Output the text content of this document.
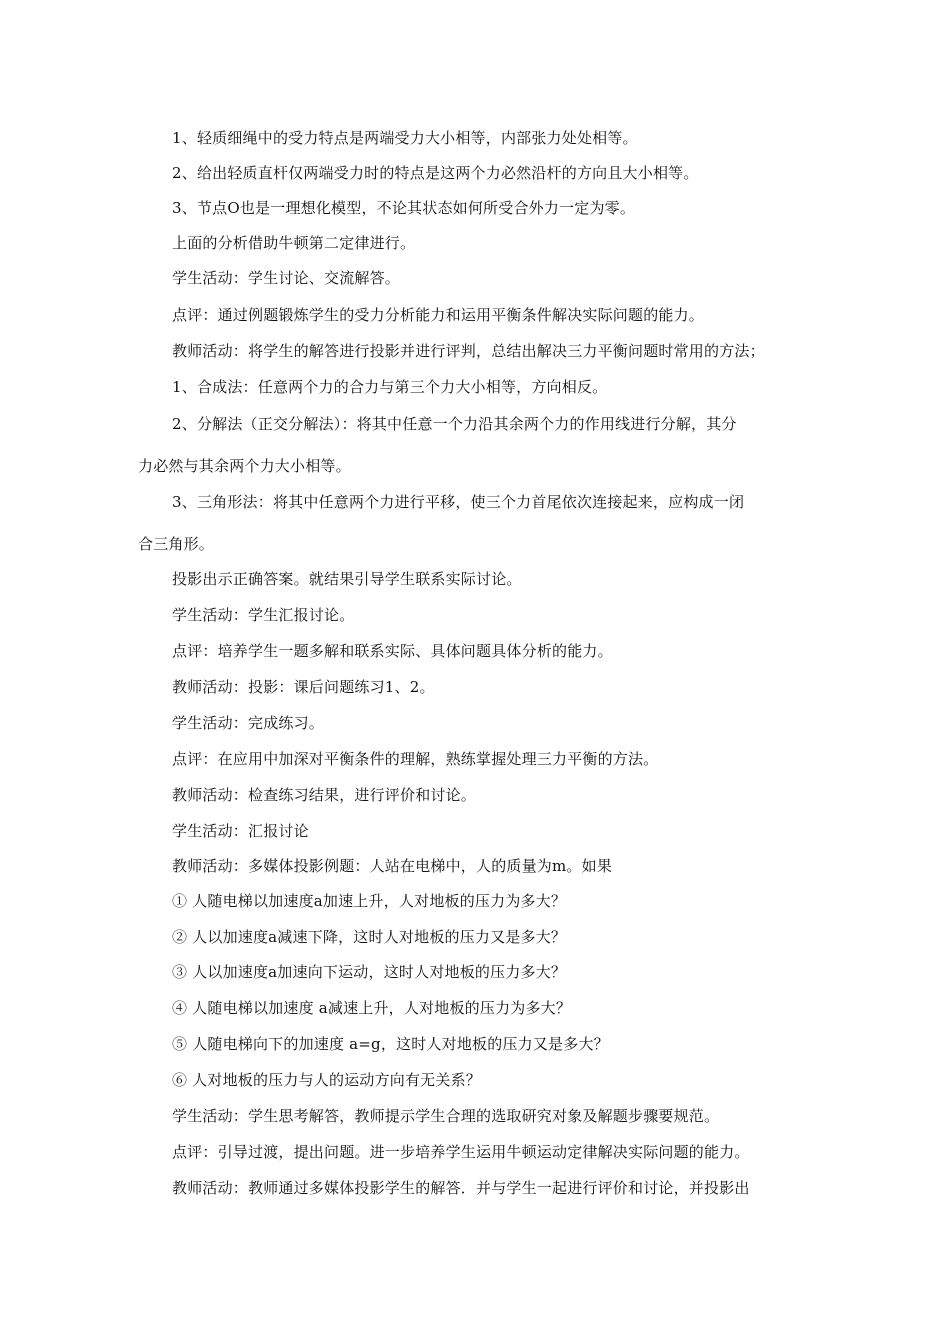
1、轻质细绳中的受力特点是两端受力大小相等，内部张力处处相等。
2、给出轻质直杆仅两端受力时的特点是这两个力必然沿杆的方向且大小相等。
3、节点O也是一理想化模型，不论其状态如何所受合外力一定为零。
上面的分析借助牛顿第二定律进行。
学生活动：学生讨论、交流解答。
点评：通过例题锻炼学生的受力分析能力和运用平衡条件解决实际问题的能力。
教师活动：将学生的解答进行投影并进行评判，总结出解决三力平衡问题时常用的方法；
1、合成法：任意两个力的合力与第三个力大小相等，方向相反。
2、分解法（正交分解法）：将其中任意一个力沿其余两个力的作用线进行分解，其分
力必然与其余两个力大小相等。
3、三角形法：将其中任意两个力进行平移，使三个力首尾依次连接起来，应构成一闭
合三角形。
投影出示正确答案。就结果引导学生联系实际讨论。
学生活动：学生汇报讨论。
点评：培养学生一题多解和联系实际、具体问题具体分析的能力。
教师活动：投影：课后问题练习1、2。
学生活动：完成练习。
点评：在应用中加深对平衡条件的理解，熟练掌握处理三力平衡的方法。
教师活动：检查练习结果，进行评价和讨论。
学生活动：汇报讨论
教师活动：多媒体投影例题：人站在电梯中，人的质量为m。如果
① 人随电梯以加速度a加速上升，人对地板的压力为多大？
② 人以加速度a减速下降，这时人对地板的压力又是多大？
③ 人以加速度a加速向下运动，这时人对地板的压力多大？
④ 人随电梯以加速度 a减速上升，人对地板的压力为多大？
⑤ 人随电梯向下的加速度 a=g，这时人对地板的压力又是多大？
⑥ 人对地板的压力与人的运动方向有无关系？
学生活动：学生思考解答，教师提示学生合理的选取研究对象及解题步骤要规范。
点评：引导过渡，提出问题。进一步培养学生运用牛顿运动定律解决实际问题的能力。
教师活动：教师通过多媒体投影学生的解答．并与学生一起进行评价和讨论，并投影出
